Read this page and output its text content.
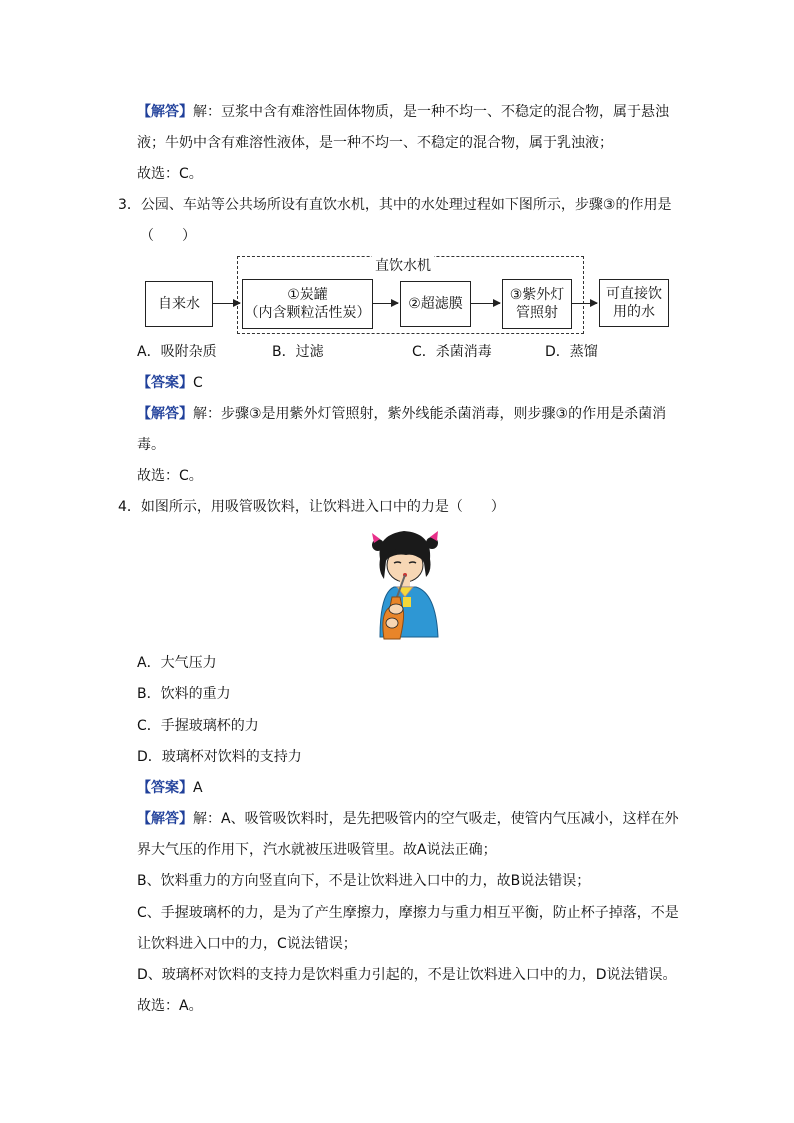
【解答】解：豆浆中含有难溶性固体物质，是一种不均一、不稳定的混合物，属于悬浊
液；牛奶中含有难溶性液体，是一种不均一、不稳定的混合物，属于乳浊液；
故选：C。
3．公园、车站等公共场所设有直饮水机，其中的水处理过程如下图所示，步骤③的作用是
（　　）
直饮水机
自来水
①炭罐
（内含颗粒活性炭）
②超滤膜
③紫外灯
管照射
可直接饮
用的水
A．吸附杂质	B．过滤	C．杀菌消毒	D．蒸馏
【答案】C
【解答】解：步骤③是用紫外灯管照射，紫外线能杀菌消毒，则步骤③的作用是杀菌消
毒。
故选：C。
4．如图所示，用吸管吸饮料，让饮料进入口中的力是（　　）
A．大气压力
B．饮料的重力
C．手握玻璃杯的力
D．玻璃杯对饮料的支持力
【答案】A
【解答】解：A、吸管吸饮料时，是先把吸管内的空气吸走，使管内气压减小，这样在外
界大气压的作用下，汽水就被压进吸管里。故A说法正确；
B、饮料重力的方向竖直向下，不是让饮料进入口中的力，故B说法错误；
C、手握玻璃杯的力，是为了产生摩擦力，摩擦力与重力相互平衡，防止杯子掉落，不是
让饮料进入口中的力，C说法错误；
D、玻璃杯对饮料的支持力是饮料重力引起的，不是让饮料进入口中的力，D说法错误。
故选：A。
